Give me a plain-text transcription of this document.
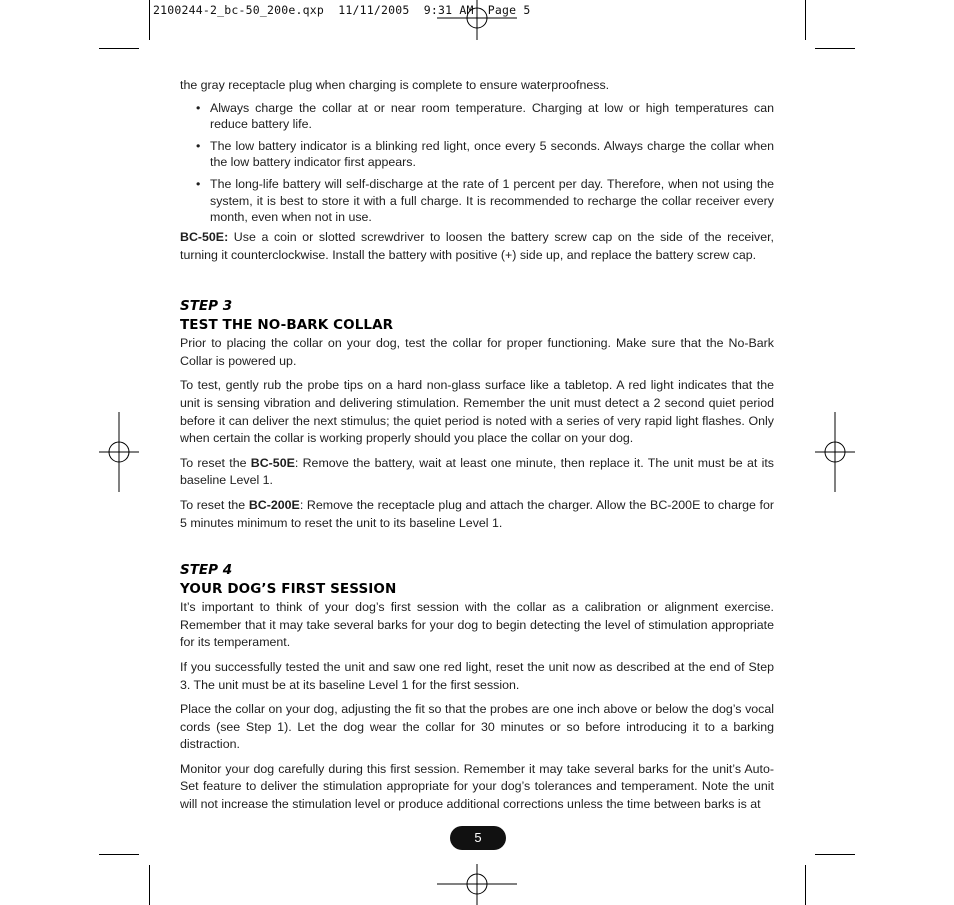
2100244-2_bc-50_200e.qxp  11/11/2005  9:31 AM  Page 5

the gray receptacle plug when charging is complete to ensure waterproofness.

• Always charge the collar at or near room temperature. Charging at low or high temperatures can reduce battery life.
• The low battery indicator is a blinking red light, once every 5 seconds. Always charge the collar when the low battery indicator first appears.
• The long-life battery will self-discharge at the rate of 1 percent per day. Therefore, when not using the system, it is best to store it with a full charge. It is recommended to recharge the collar receiver every month, even when not in use.

BC-50E: Use a coin or slotted screwdriver to loosen the battery screw cap on the side of the receiver, turning it counterclockwise. Install the battery with positive (+) side up, and replace the battery screw cap.

STEP 3
TEST THE NO-BARK COLLAR

Prior to placing the collar on your dog, test the collar for proper functioning. Make sure that the No-Bark Collar is powered up.

To test, gently rub the probe tips on a hard non-glass surface like a tabletop. A red light indicates that the unit is sensing vibration and delivering stimulation. Remember the unit must detect a 2 second quiet period before it can deliver the next stimulus; the quiet period is noted with a series of very rapid light flashes. Only when certain the collar is working properly should you place the collar on your dog.

To reset the BC-50E: Remove the battery, wait at least one minute, then replace it. The unit must be at its baseline Level 1.

To reset the BC-200E: Remove the receptacle plug and attach the charger. Allow the BC-200E to charge for 5 minutes minimum to reset the unit to its baseline Level 1.

STEP 4
YOUR DOG’S FIRST SESSION

It’s important to think of your dog’s first session with the collar as a calibration or alignment exercise. Remember that it may take several barks for your dog to begin detecting the level of stimulation appropriate for its temperament.

If you successfully tested the unit and saw one red light, reset the unit now as described at the end of Step 3. The unit must be at its baseline Level 1 for the first session.

Place the collar on your dog, adjusting the fit so that the probes are one inch above or below the dog’s vocal cords (see Step 1). Let the dog wear the collar for 30 minutes or so before introducing it to a barking distraction.

Monitor your dog carefully during this first session. Remember it may take several barks for the unit’s Auto-Set feature to deliver the stimulation appropriate for your dog’s tolerances and temperament. Note the unit will not increase the stimulation level or produce additional corrections unless the time between barks is at

5
